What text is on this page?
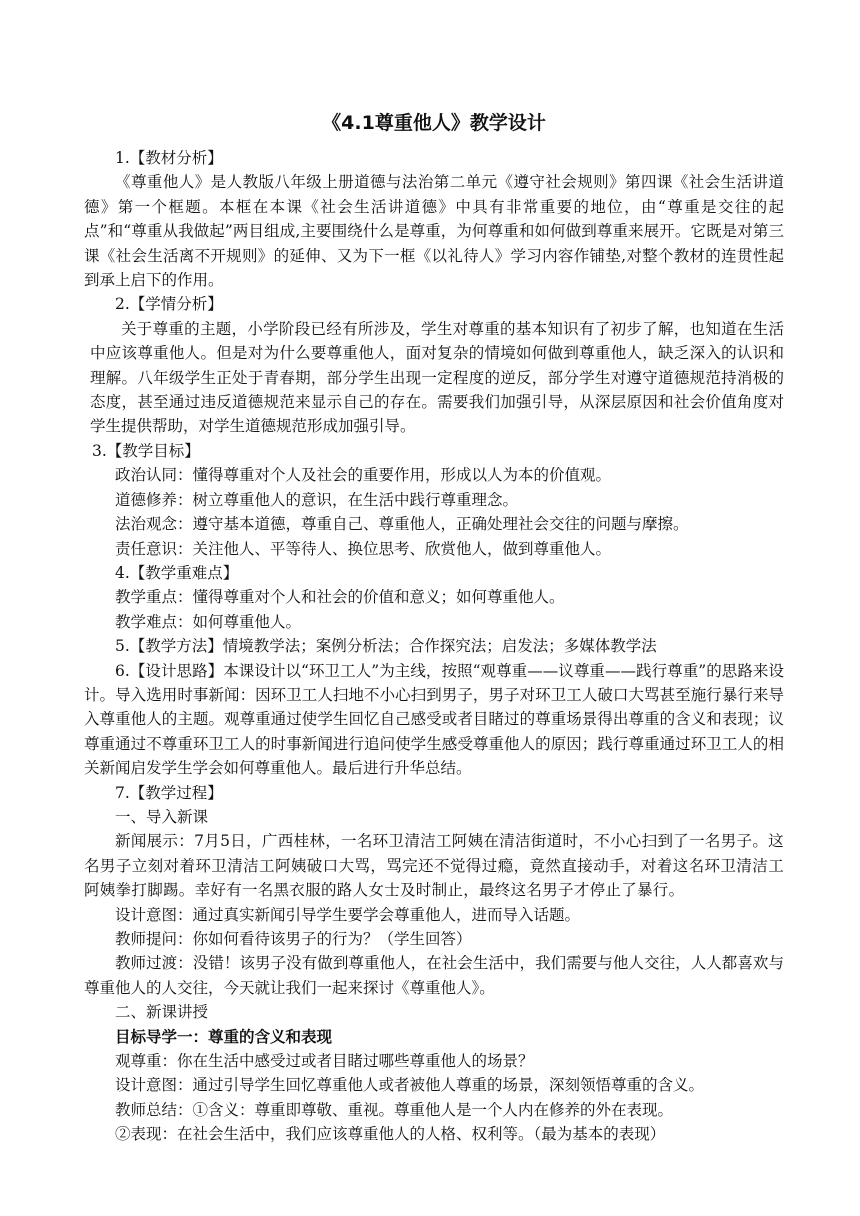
《4.1尊重他人》教学设计

1.【教材分析】

《尊重他人》是人教版八年级上册道德与法治第二单元《遵守社会规则》第四课《社会生活讲道德》第一个框题。本框在本课《社会生活讲道德》中具有非常重要的地位，由“尊重是交往的起点”和“尊重从我做起”两目组成,主要围绕什么是尊重，为何尊重和如何做到尊重来展开。它既是对第三课《社会生活离不开规则》的延伸、又为下一框《以礼待人》学习内容作铺垫,对整个教材的连贯性起到承上启下的作用。

2.【学情分析】

关于尊重的主题，小学阶段已经有所涉及，学生对尊重的基本知识有了初步了解，也知道在生活中应该尊重他人。但是对为什么要尊重他人，面对复杂的情境如何做到尊重他人，缺乏深入的认识和理解。八年级学生正处于青春期，部分学生出现一定程度的逆反，部分学生对遵守道德规范持消极的态度，甚至通过违反道德规范来显示自己的存在。需要我们加强引导，从深层原因和社会价值角度对学生提供帮助，对学生道德规范形成加强引导。

3.【教学目标】

政治认同：懂得尊重对个人及社会的重要作用，形成以人为本的价值观。

道德修养：树立尊重他人的意识，在生活中践行尊重理念。

法治观念：遵守基本道德，尊重自己、尊重他人，正确处理社会交往的问题与摩擦。

责任意识：关注他人、平等待人、换位思考、欣赏他人，做到尊重他人。

4.【教学重难点】

教学重点：懂得尊重对个人和社会的价值和意义；如何尊重他人。

教学难点：如何尊重他人。

5.【教学方法】情境教学法；案例分析法；合作探究法；启发法；多媒体教学法

6.【设计思路】本课设计以“环卫工人”为主线，按照“观尊重——议尊重——践行尊重”的思路来设计。导入选用时事新闻：因环卫工人扫地不小心扫到男子，男子对环卫工人破口大骂甚至施行暴行来导入尊重他人的主题。观尊重通过使学生回忆自己感受或者目睹过的尊重场景得出尊重的含义和表现；议尊重通过不尊重环卫工人的时事新闻进行追问使学生感受尊重他人的原因；践行尊重通过环卫工人的相关新闻启发学生学会如何尊重他人。最后进行升华总结。

7.【教学过程】

一、导入新课

新闻展示：7月5日，广西桂林，一名环卫清洁工阿姨在清洁街道时，不小心扫到了一名男子。这名男子立刻对着环卫清洁工阿姨破口大骂，骂完还不觉得过瘾，竟然直接动手，对着这名环卫清洁工阿姨拳打脚踢。幸好有一名黑衣服的路人女士及时制止，最终这名男子才停止了暴行。

设计意图：通过真实新闻引导学生要学会尊重他人，进而导入话题。

教师提问：你如何看待该男子的行为？（学生回答）

教师过渡：没错！该男子没有做到尊重他人，在社会生活中，我们需要与他人交往，人人都喜欢与尊重他人的人交往，今天就让我们一起来探讨《尊重他人》。

二、新课讲授

目标导学一：尊重的含义和表现

观尊重：你在生活中感受过或者目睹过哪些尊重他人的场景？

设计意图：通过引导学生回忆尊重他人或者被他人尊重的场景，深刻领悟尊重的含义。

教师总结：①含义：尊重即尊敬、重视。尊重他人是一个人内在修养的外在表现。

②表现：在社会生活中，我们应该尊重他人的人格、权利等。（最为基本的表现）
